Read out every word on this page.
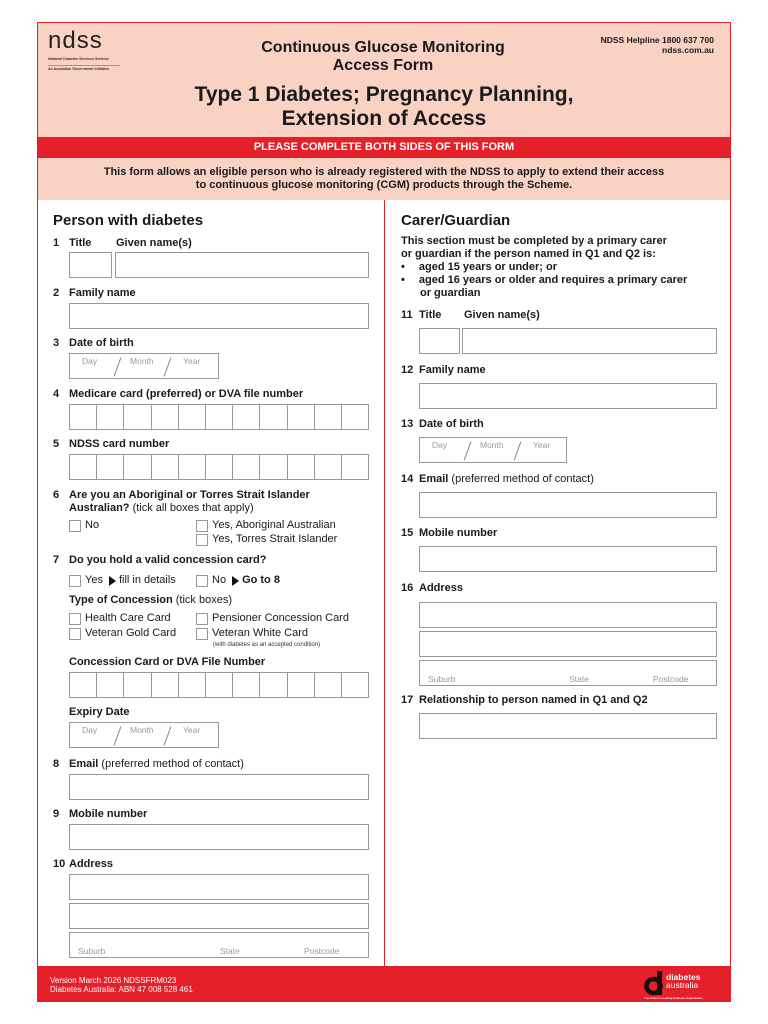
ndss
National Diabetes Services Scheme
An Australian Government initiative
Continuous Glucose Monitoring
Access Form
NDSS Helpline 1800 637 700
ndss.com.au
Type 1 Diabetes; Pregnancy Planning,
Extension of Access
PLEASE COMPLETE BOTH SIDES OF THIS FORM
This form allows an eligible person who is already registered with the NDSS to apply to extend their access
to continuous glucose monitoring (CGM) products through the Scheme.
Person with diabetes
1 Title Given name(s)
2 Family name
3 Date of birth
Day	Month	Year
4 Medicare card (preferred) or DVA file number
5 NDSS card number
6 Are you an Aboriginal or Torres Strait Islander
Australian? (tick all boxes that apply)
No	Yes, Aboriginal Australian
Yes, Torres Strait Islander
7 Do you hold a valid concession card?
Yes fill in details	No Go to 8
Type of Concession (tick boxes)
Health Care Card	Pensioner Concession Card
Veteran Gold Card	Veteran White Card
(with diabetes as an accepted condition)
Concession Card or DVA File Number
Expiry Date
Day	Month	Year
8 Email (preferred method of contact)
9 Mobile number
10 Address
Suburb	State	Postcode
Carer/Guardian
This section must be completed by a primary carer
or guardian if the person named in Q1 and Q2 is:
• aged 15 years or under; or
• aged 16 years or older and requires a primary carer
or guardian
11 Title Given name(s)
12 Family name
13 Date of birth
Day	Month	Year
14 Email (preferred method of contact)
15 Mobile number
16 Address
Suburb	State	Postcode
17 Relationship to person named in Q1 and Q2
Version March 2026 NDSSFRM023
Diabetes Australia: ABN 47 008 528 461
diabetes
australia
The Nation's Leading Diabetes Organisation
